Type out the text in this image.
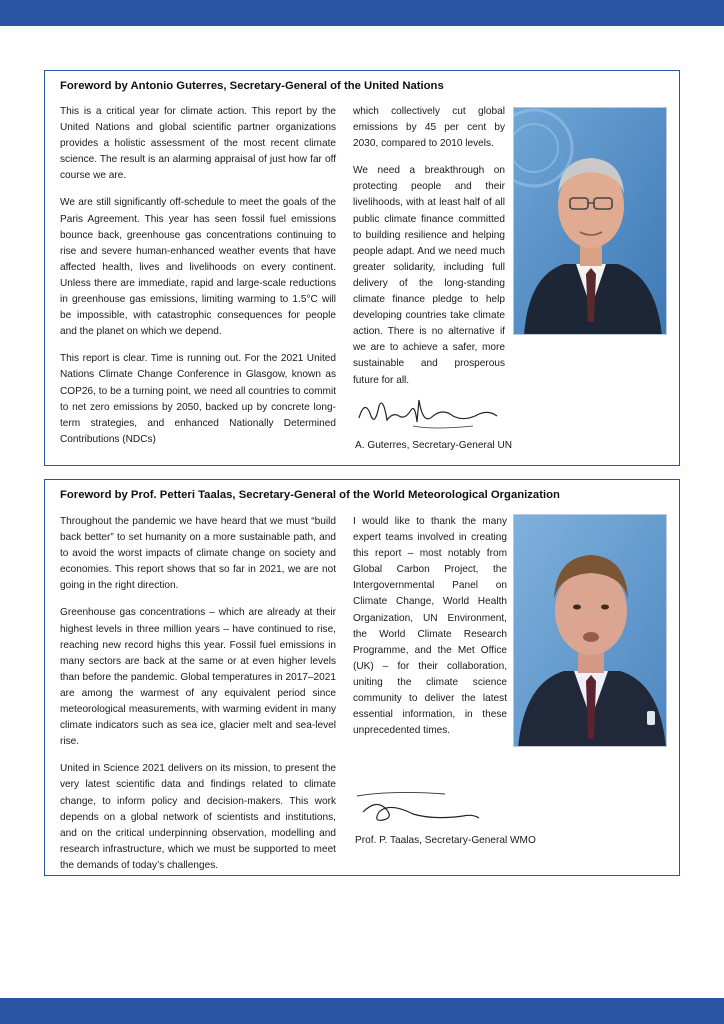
Foreword by Antonio Guterres, Secretary-General of the United Nations

This is a critical year for climate action. This report by the United Nations and global scientific partner organizations provides a holistic assessment of the most recent climate science. The result is an alarming appraisal of just how far off course we are.

We are still significantly off-schedule to meet the goals of the Paris Agreement. This year has seen fossil fuel emissions bounce back, greenhouse gas concentrations continuing to rise and severe human-enhanced weather events that have affected health, lives and livelihoods on every continent. Unless there are immediate, rapid and large-scale reductions in greenhouse gas emissions, limiting warming to 1.5°C will be impossible, with catastrophic consequences for people and the planet on which we depend.

This report is clear. Time is running out. For the 2021 United Nations Climate Change Conference in Glasgow, known as COP26, to be a turning point, we need all countries to commit to net zero emissions by 2050, backed up by concrete long-term strategies, and enhanced Nationally Determined Contributions (NDCs)

which collectively cut global emissions by 45 per cent by 2030, compared to 2010 levels.

We need a breakthrough on protecting people and their livelihoods, with at least half of all public climate finance committed to building resilience and helping people adapt. And we need much greater solidarity, including full delivery of the long-standing climate finance pledge to help developing countries take climate action. There is no alternative if we are to achieve a safer, more sustainable and prosperous future for all.

A. Guterres, Secretary-General UN
Foreword by Prof. Petteri Taalas, Secretary-General of the World Meteorological Organization

Throughout the pandemic we have heard that we must “build back better” to set humanity on a more sustainable path, and to avoid the worst impacts of climate change on society and economies. This report shows that so far in 2021, we are not going in the right direction.

Greenhouse gas concentrations – which are already at their highest levels in three million years – have continued to rise, reaching new record highs this year. Fossil fuel emissions in many sectors are back at the same or at even higher levels than before the pandemic. Global temperatures in 2017–2021 are among the warmest of any equivalent period since meteorological measurements, with warming evident in many climate indicators such as sea ice, glacier melt and sea-level rise.

United in Science 2021 delivers on its mission, to present the very latest scientific data and findings related to climate change, to inform policy and decision-makers. This work depends on a global network of scientists and institutions, and on the critical underpinning observation, modelling and research infrastructure, which we must be supported to meet the demands of today’s challenges.

I would like to thank the many expert teams involved in creating this report – most notably from Global Carbon Project, the Intergovernmental Panel on Climate Change, World Health Organization, UN Environment, the World Climate Research Programme, and the Met Office (UK) – for their collaboration, uniting the climate science community to deliver the latest essential information, in these unprecedented times.

Prof. P. Taalas, Secretary-General WMO
